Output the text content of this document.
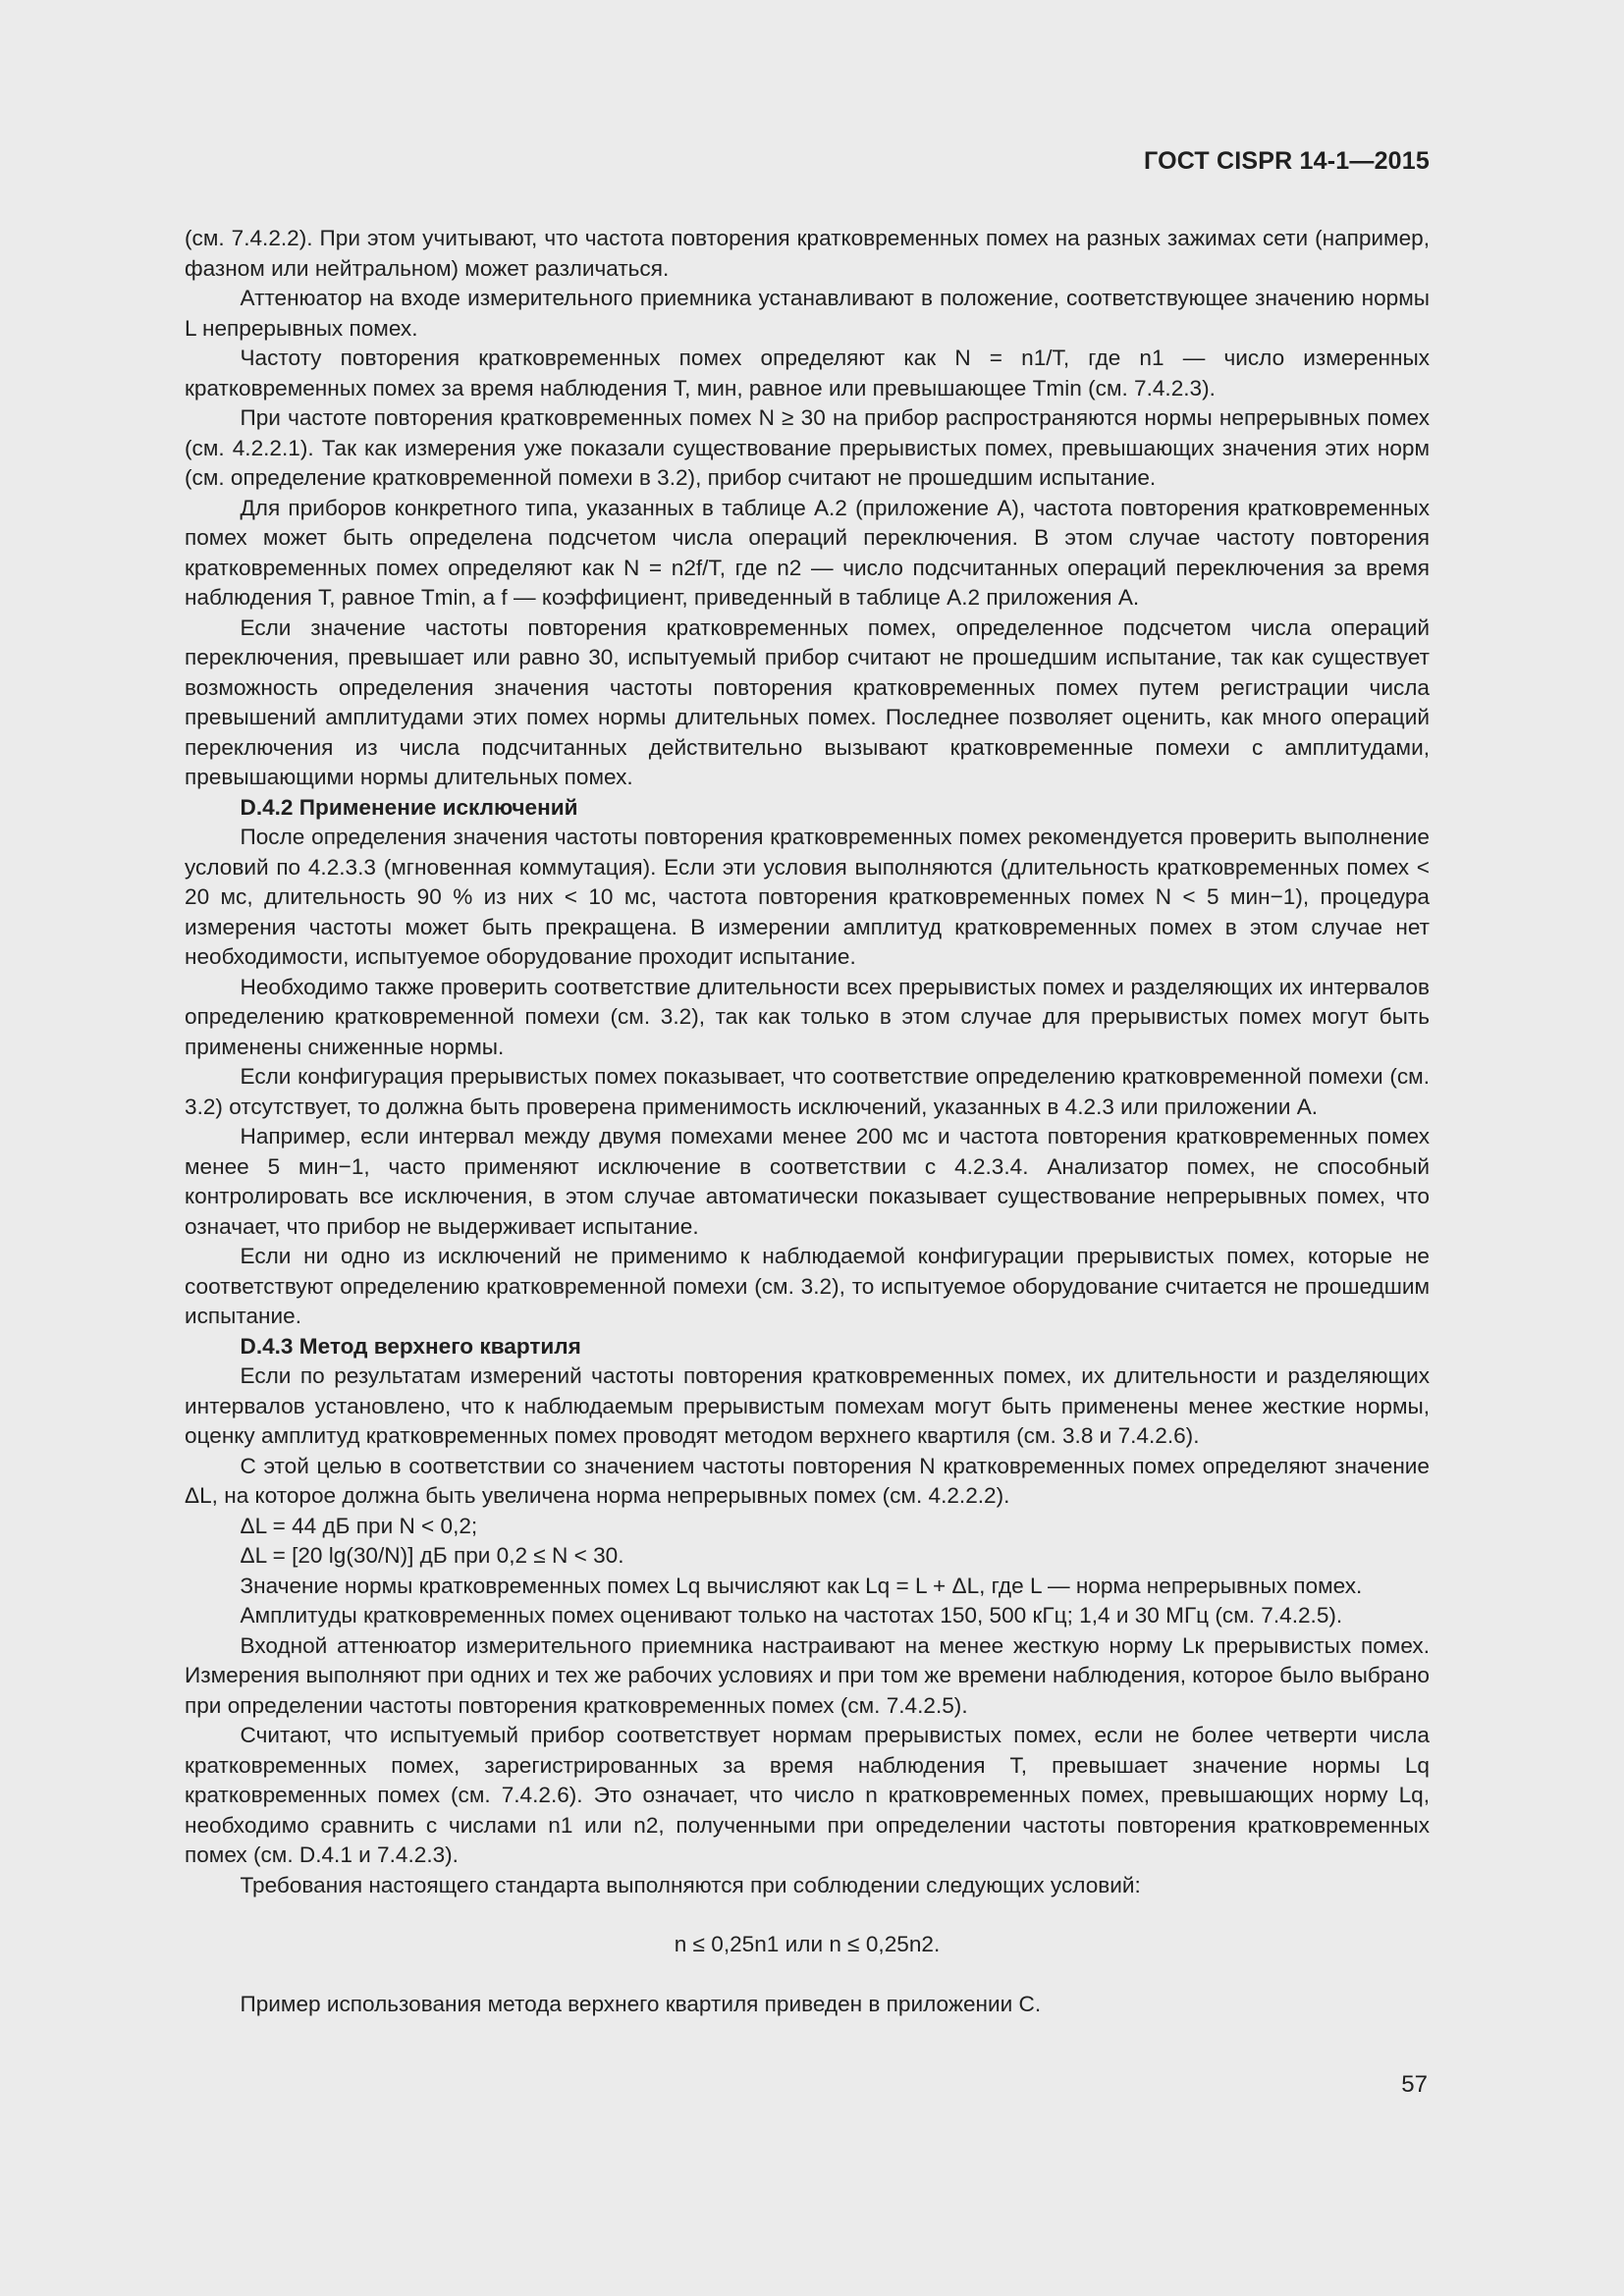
ГОСТ CISPR 14-1—2015

(см. 7.4.2.2). При этом учитывают, что частота повторения кратковременных помех на разных зажимах сети (например, фазном или нейтральном) может различаться.

Аттенюатор на входе измерительного приемника устанавливают в положение, соответствующее значению нормы L непрерывных помех.

Частоту повторения кратковременных помех определяют как N = n1/T, где n1 — число измеренных кратковременных помех за время наблюдения T, мин, равное или превышающее Tmin (см. 7.4.2.3).

При частоте повторения кратковременных помех N ≥ 30 на прибор распространяются нормы непрерывных помех (см. 4.2.2.1). Так как измерения уже показали существование прерывистых помех, превышающих значения этих норм (см. определение кратковременной помехи в 3.2), прибор считают не прошедшим испытание.

Для приборов конкретного типа, указанных в таблице А.2 (приложение А), частота повторения кратковременных помех может быть определена подсчетом числа операций переключения. В этом случае частоту повторения кратковременных помех определяют как N = n2f/T, где n2 — число подсчитанных операций переключения за время наблюдения T, равное Tmin, а f — коэффициент, приведенный в таблице А.2 приложения А.

Если значение частоты повторения кратковременных помех, определенное подсчетом числа операций переключения, превышает или равно 30, испытуемый прибор считают не прошедшим испытание, так как существует возможность определения значения частоты повторения кратковременных помех путем регистрации числа превышений амплитудами этих помех нормы длительных помех. Последнее позволяет оценить, как много операций переключения из числа подсчитанных действительно вызывают кратковременные помехи с амплитудами, превышающими нормы длительных помех.

D.4.2 Применение исключений

После определения значения частоты повторения кратковременных помех рекомендуется проверить выполнение условий по 4.2.3.3 (мгновенная коммутация). Если эти условия выполняются (длительность кратковременных помех < 20 мс, длительность 90 % из них < 10 мс, частота повторения кратковременных помех N < 5 мин−1), процедура измерения частоты может быть прекращена. В измерении амплитуд кратковременных помех в этом случае нет необходимости, испытуемое оборудование проходит испытание.

Необходимо также проверить соответствие длительности всех прерывистых помех и разделяющих их интервалов определению кратковременной помехи (см. 3.2), так как только в этом случае для прерывистых помех могут быть применены сниженные нормы.

Если конфигурация прерывистых помех показывает, что соответствие определению кратковременной помехи (см. 3.2) отсутствует, то должна быть проверена применимость исключений, указанных в 4.2.3 или приложении А.

Например, если интервал между двумя помехами менее 200 мс и частота повторения кратковременных помех менее 5 мин−1, часто применяют исключение в соответствии с 4.2.3.4. Анализатор помех, не способный контролировать все исключения, в этом случае автоматически показывает существование непрерывных помех, что означает, что прибор не выдерживает испытание.

Если ни одно из исключений не применимо к наблюдаемой конфигурации прерывистых помех, которые не соответствуют определению кратковременной помехи (см. 3.2), то испытуемое оборудование считается не прошедшим испытание.

D.4.3 Метод верхнего квартиля

Если по результатам измерений частоты повторения кратковременных помех, их длительности и разделяющих интервалов установлено, что к наблюдаемым прерывистым помехам могут быть применены менее жесткие нормы, оценку амплитуд кратковременных помех проводят методом верхнего квартиля (см. 3.8 и 7.4.2.6).

С этой целью в соответствии со значением частоты повторения N кратковременных помех определяют значение ΔL, на которое должна быть увеличена норма непрерывных помех (см. 4.2.2.2).

ΔL = 44 дБ при N < 0,2;

ΔL = [20 lg(30/N)] дБ при 0,2 ≤ N < 30.

Значение нормы кратковременных помех Lq вычисляют как Lq = L + ΔL, где L — норма непрерывных помех.

Амплитуды кратковременных помех оценивают только на частотах 150, 500 кГц; 1,4 и 30 МГц (см. 7.4.2.5).

Входной аттенюатор измерительного приемника настраивают на менее жесткую норму Lк прерывистых помех. Измерения выполняют при одних и тех же рабочих условиях и при том же времени наблюдения, которое было выбрано при определении частоты повторения кратковременных помех (см. 7.4.2.5).

Считают, что испытуемый прибор соответствует нормам прерывистых помех, если не более четверти числа кратковременных помех, зарегистрированных за время наблюдения T, превышает значение нормы Lq кратковременных помех (см. 7.4.2.6). Это означает, что число n кратковременных помех, превышающих норму Lq, необходимо сравнить с числами n1 или n2, полученными при определении частоты повторения кратковременных помех (см. D.4.1 и 7.4.2.3).

Требования настоящего стандарта выполняются при соблюдении следующих условий:

n ≤ 0,25n1 или n ≤ 0,25n2.

Пример использования метода верхнего квартиля приведен в приложении С.

57
